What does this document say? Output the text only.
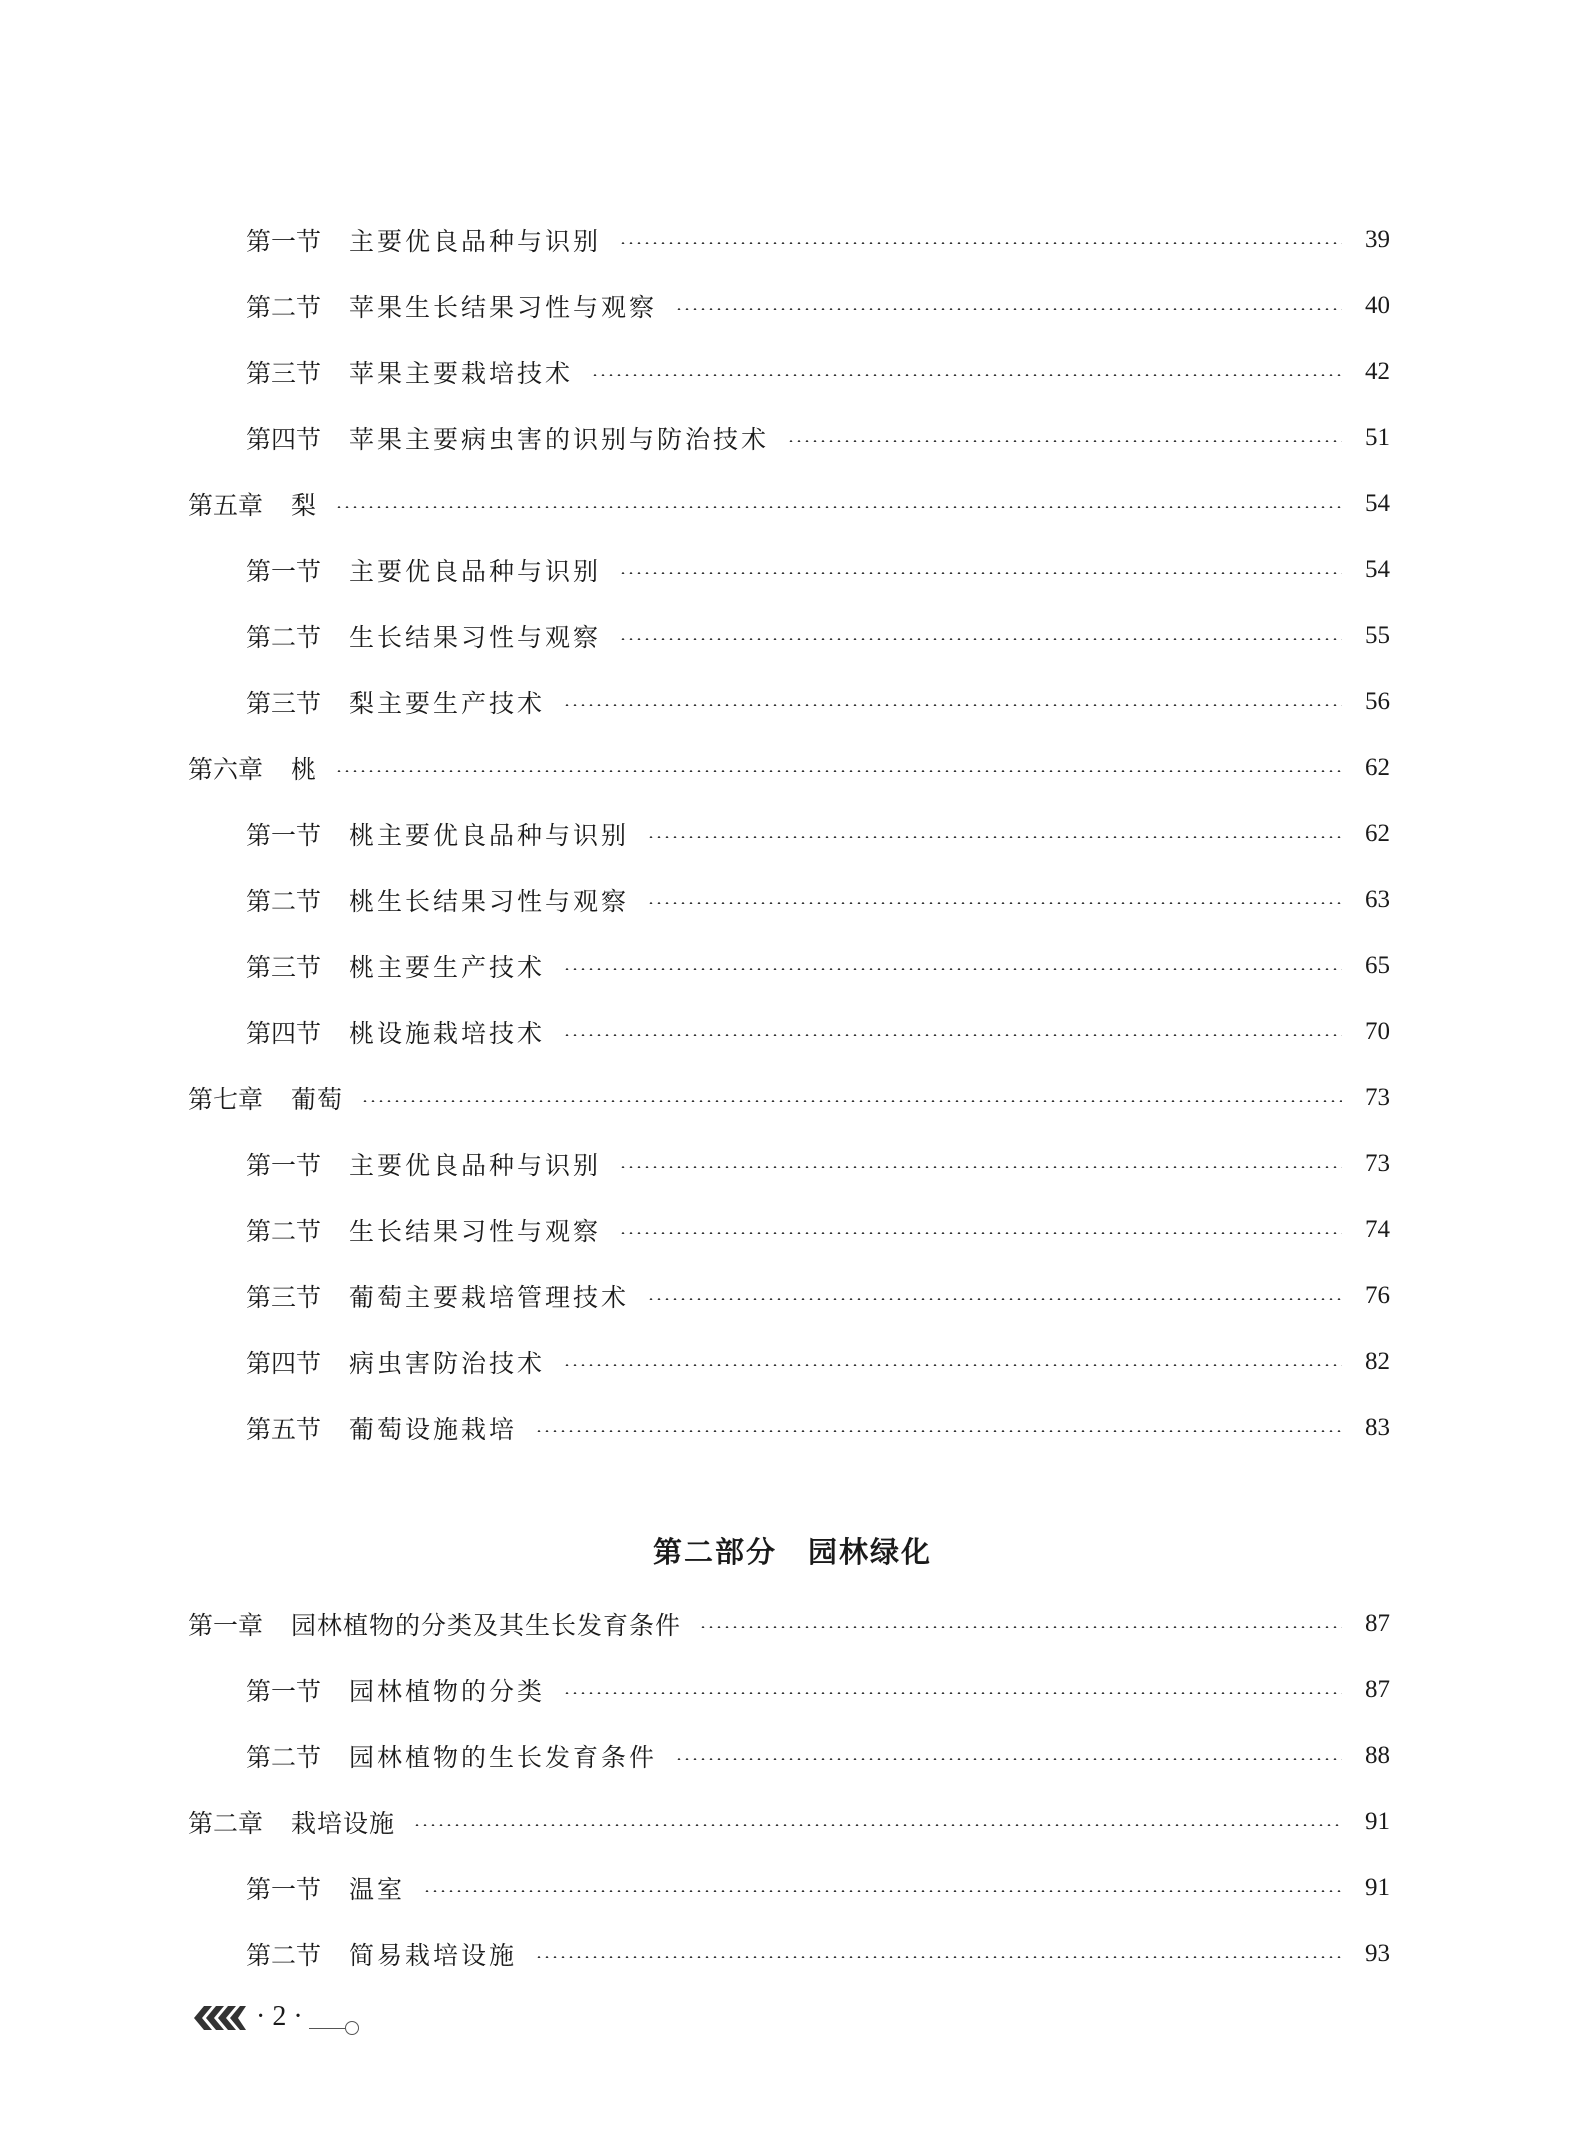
第一节 主要优良品种与识别	39
第二节 苹果生长结果习性与观察	40
第三节 苹果主要栽培技术	42
第四节 苹果主要病虫害的识别与防治技术	51
第五章 梨	54
第一节 主要优良品种与识别	54
第二节 生长结果习性与观察	55
第三节 梨主要生产技术	56
第六章 桃	62
第一节 桃主要优良品种与识别	62
第二节 桃生长结果习性与观察	63
第三节 桃主要生产技术	65
第四节 桃设施栽培技术	70
第七章 葡萄	73
第一节 主要优良品种与识别	73
第二节 生长结果习性与观察	74
第三节 葡萄主要栽培管理技术	76
第四节 病虫害防治技术	82
第五节 葡萄设施栽培	83
第二部分　园林绿化
第一章 园林植物的分类及其生长发育条件	87
第一节 园林植物的分类	87
第二节 园林植物的生长发育条件	88
第二章 栽培设施	91
第一节 温室	91
第二节 简易栽培设施	93
· 2 ·
